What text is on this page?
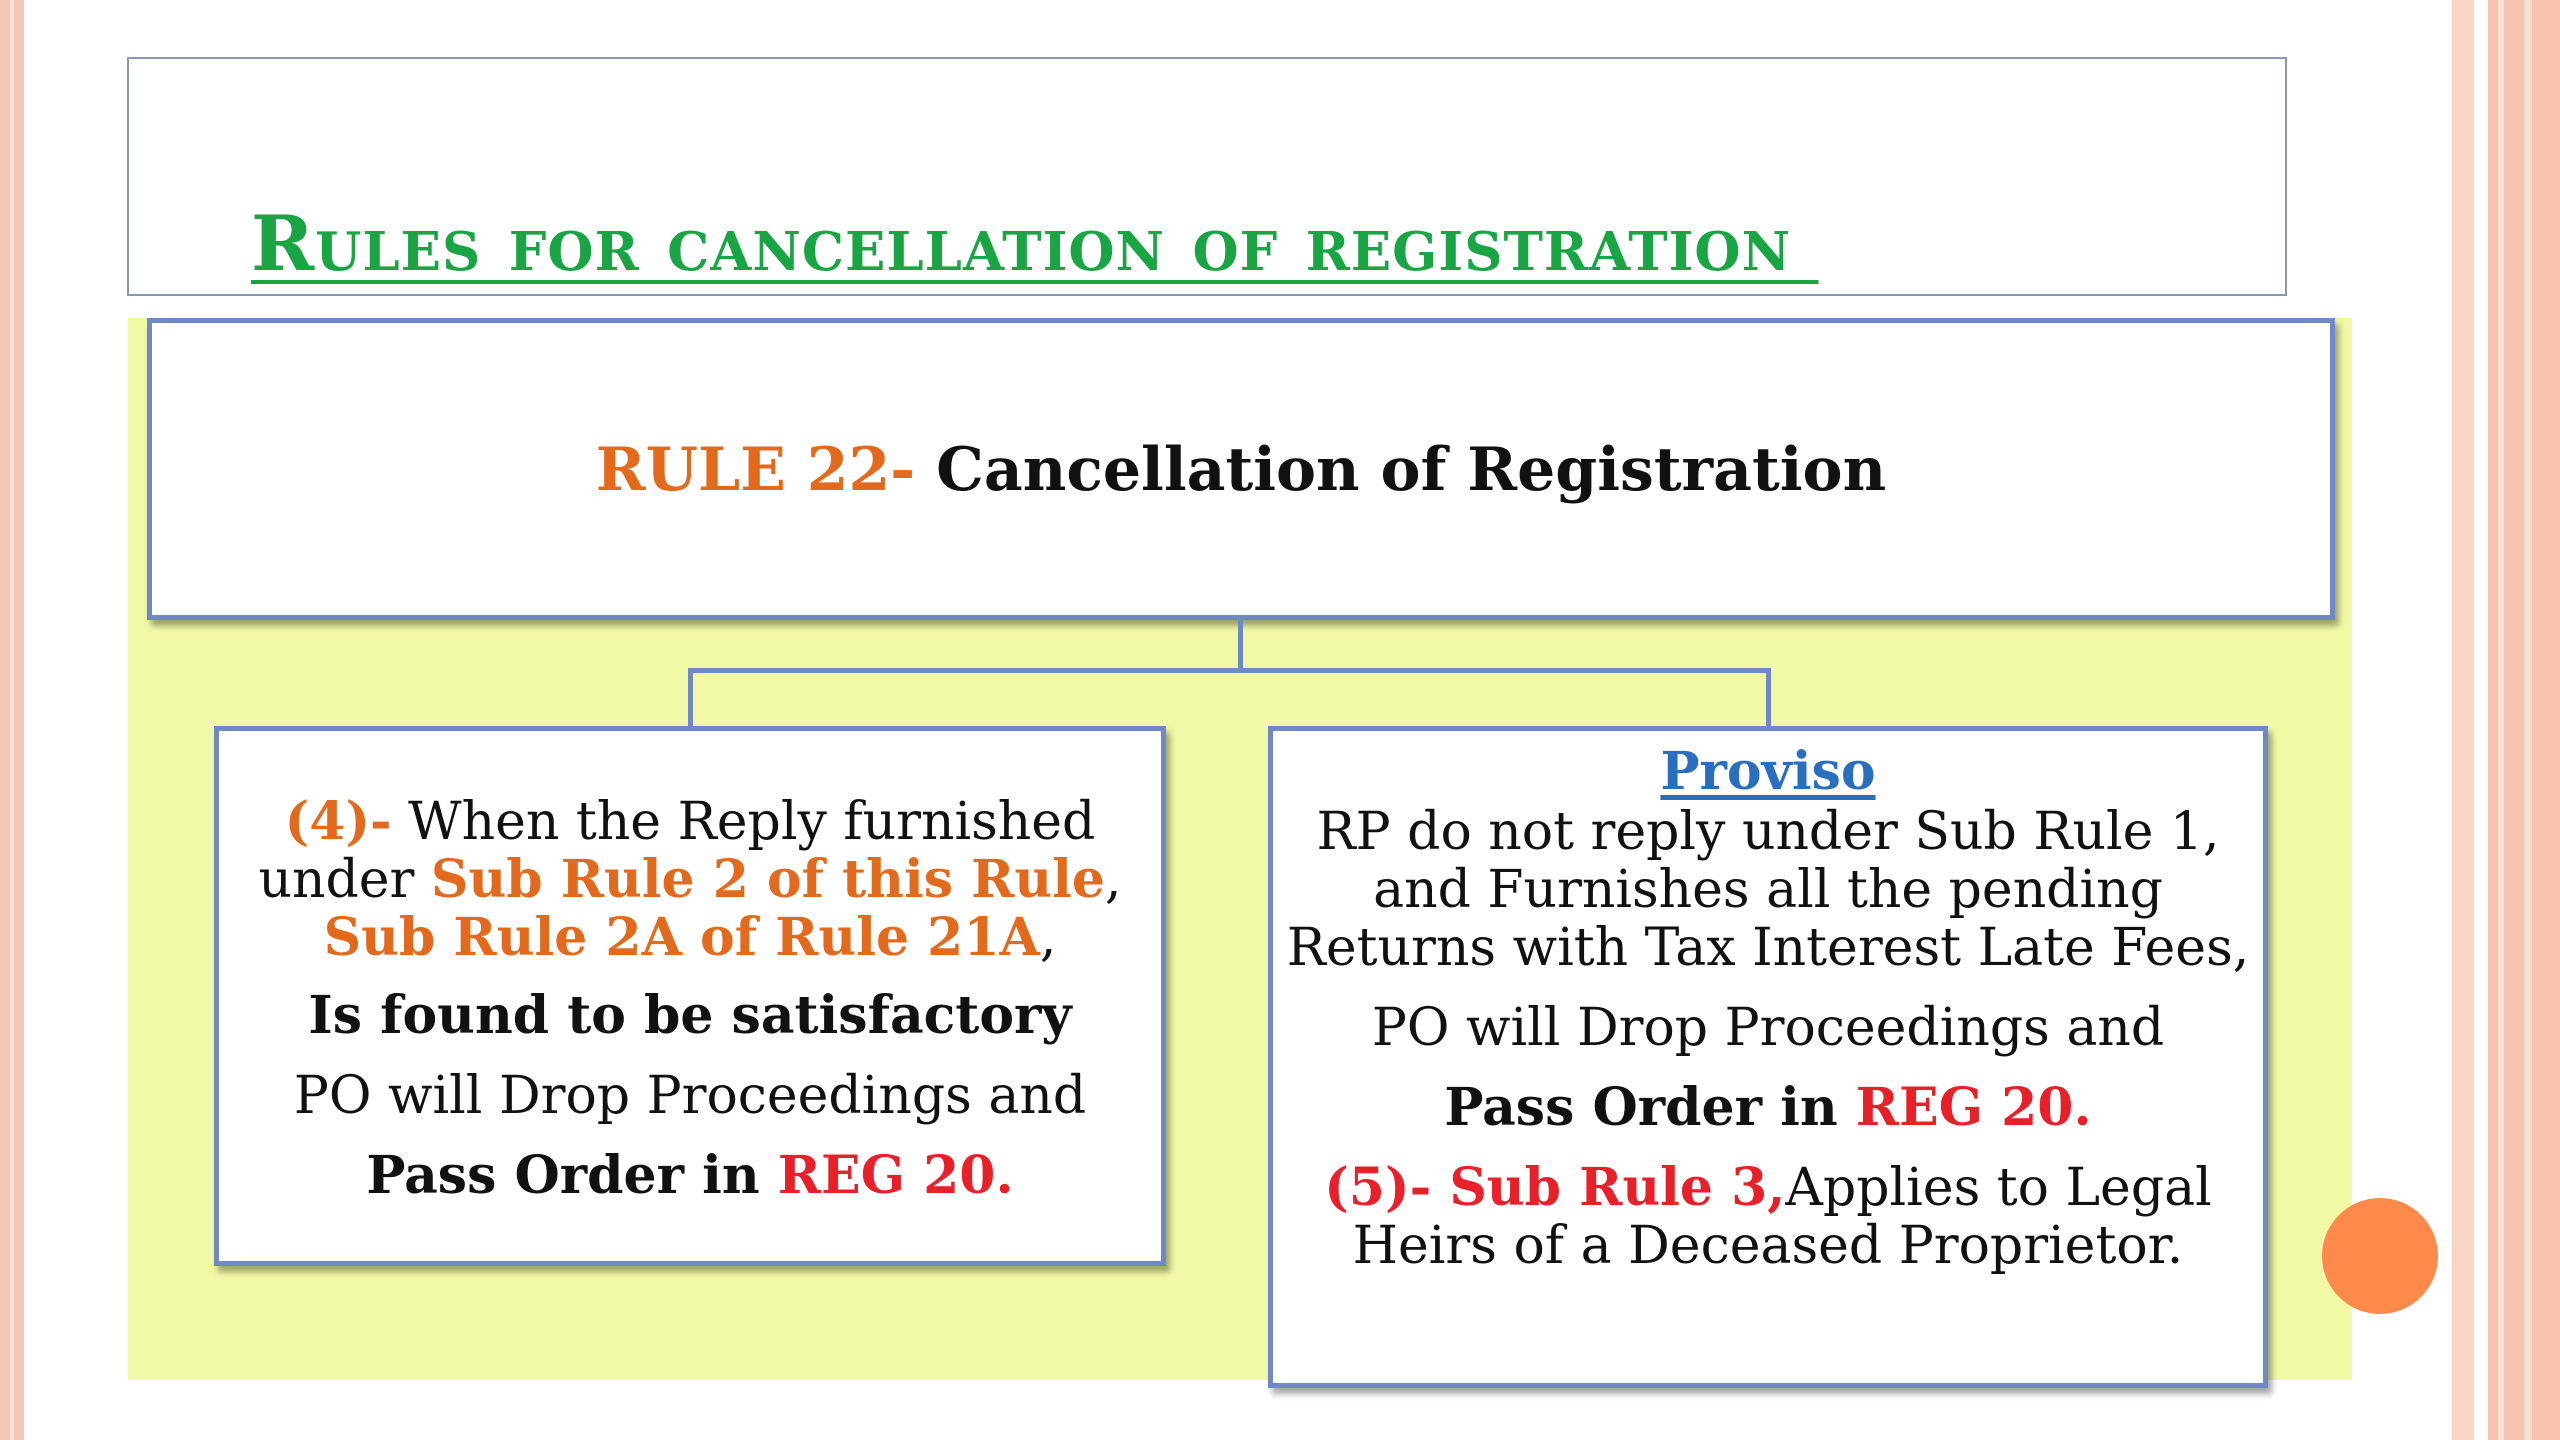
Rules for cancellation of registration
RULE 22- Cancellation of Registration

(4)- When the Reply furnished under Sub Rule 2 of this Rule, Sub Rule 2A of Rule 21A,

Is found to be satisfactory

PO will Drop Proceedings and

Pass Order in REG 20.

Proviso

RP do not reply under Sub Rule 1, and Furnishes all the pending Returns with Tax Interest Late Fees,

PO will Drop Proceedings and

Pass Order in REG 20.

(5)- Sub Rule 3,Applies to Legal Heirs of a Deceased Proprietor.
